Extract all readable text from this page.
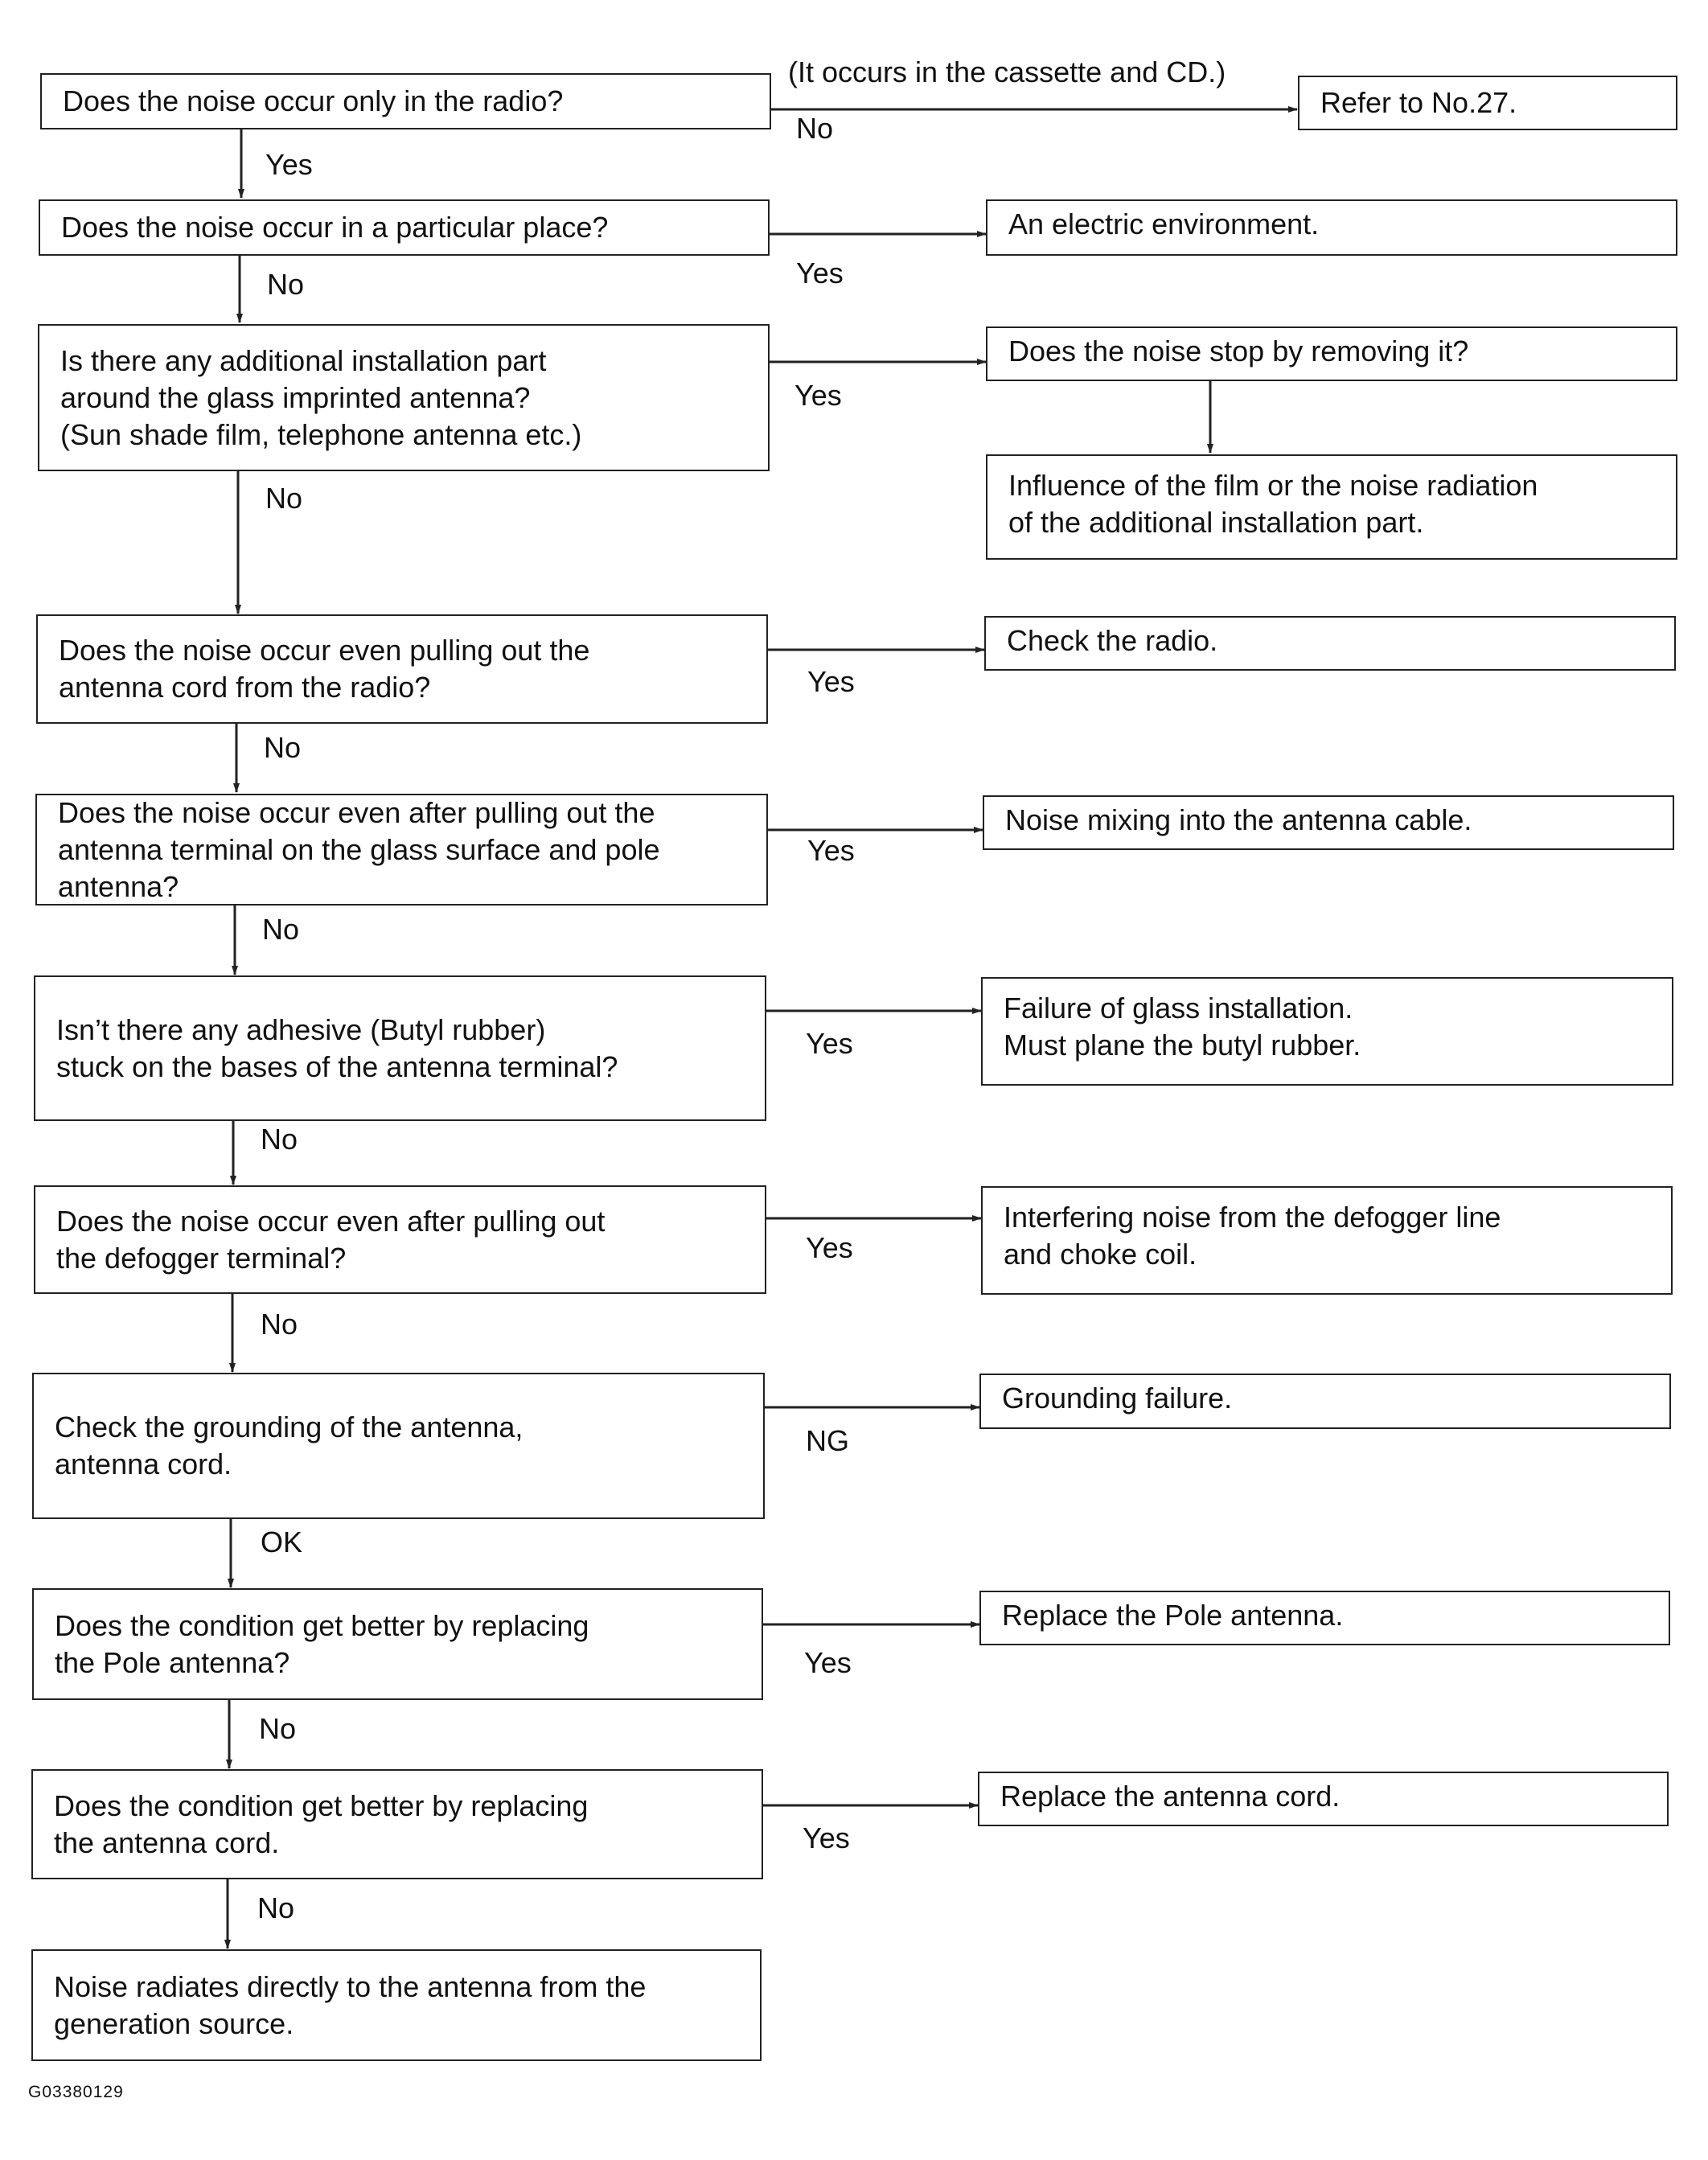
Does the noise occur only in the radio?
Does the noise occur in a particular place?
Is there any additional installation part
around the glass imprinted antenna?
(Sun shade film, telephone antenna etc.)
Does the noise occur even pulling out the
antenna cord from the radio?
Does the noise occur even after pulling out the
antenna terminal on the glass surface and pole
antenna?
Isn’t there any adhesive (Butyl rubber)
stuck on the bases of the antenna terminal?
Does the noise occur even after pulling out
the defogger terminal?
Check the grounding of the antenna,
antenna cord.
Does the condition get better by replacing
the Pole antenna?
Does the condition get better by replacing
the antenna cord.
Noise radiates directly to the antenna from the
generation source.
Refer to No.27.
An electric environment.
Does the noise stop by removing it?
Influence of the film or the noise radiation
of the additional installation part.
Check the radio.
Noise mixing into the antenna cable.
Failure of glass installation.
Must plane the butyl rubber.
Interfering noise from the defogger line
and choke coil.
Grounding failure.
Replace the Pole antenna.
Replace the antenna cord.
(It occurs in the cassette and CD.)
No
Yes
Yes
No
Yes
No
Yes
No
Yes
No
Yes
No
Yes
No
NG
OK
Yes
No
Yes
No
G03380129
